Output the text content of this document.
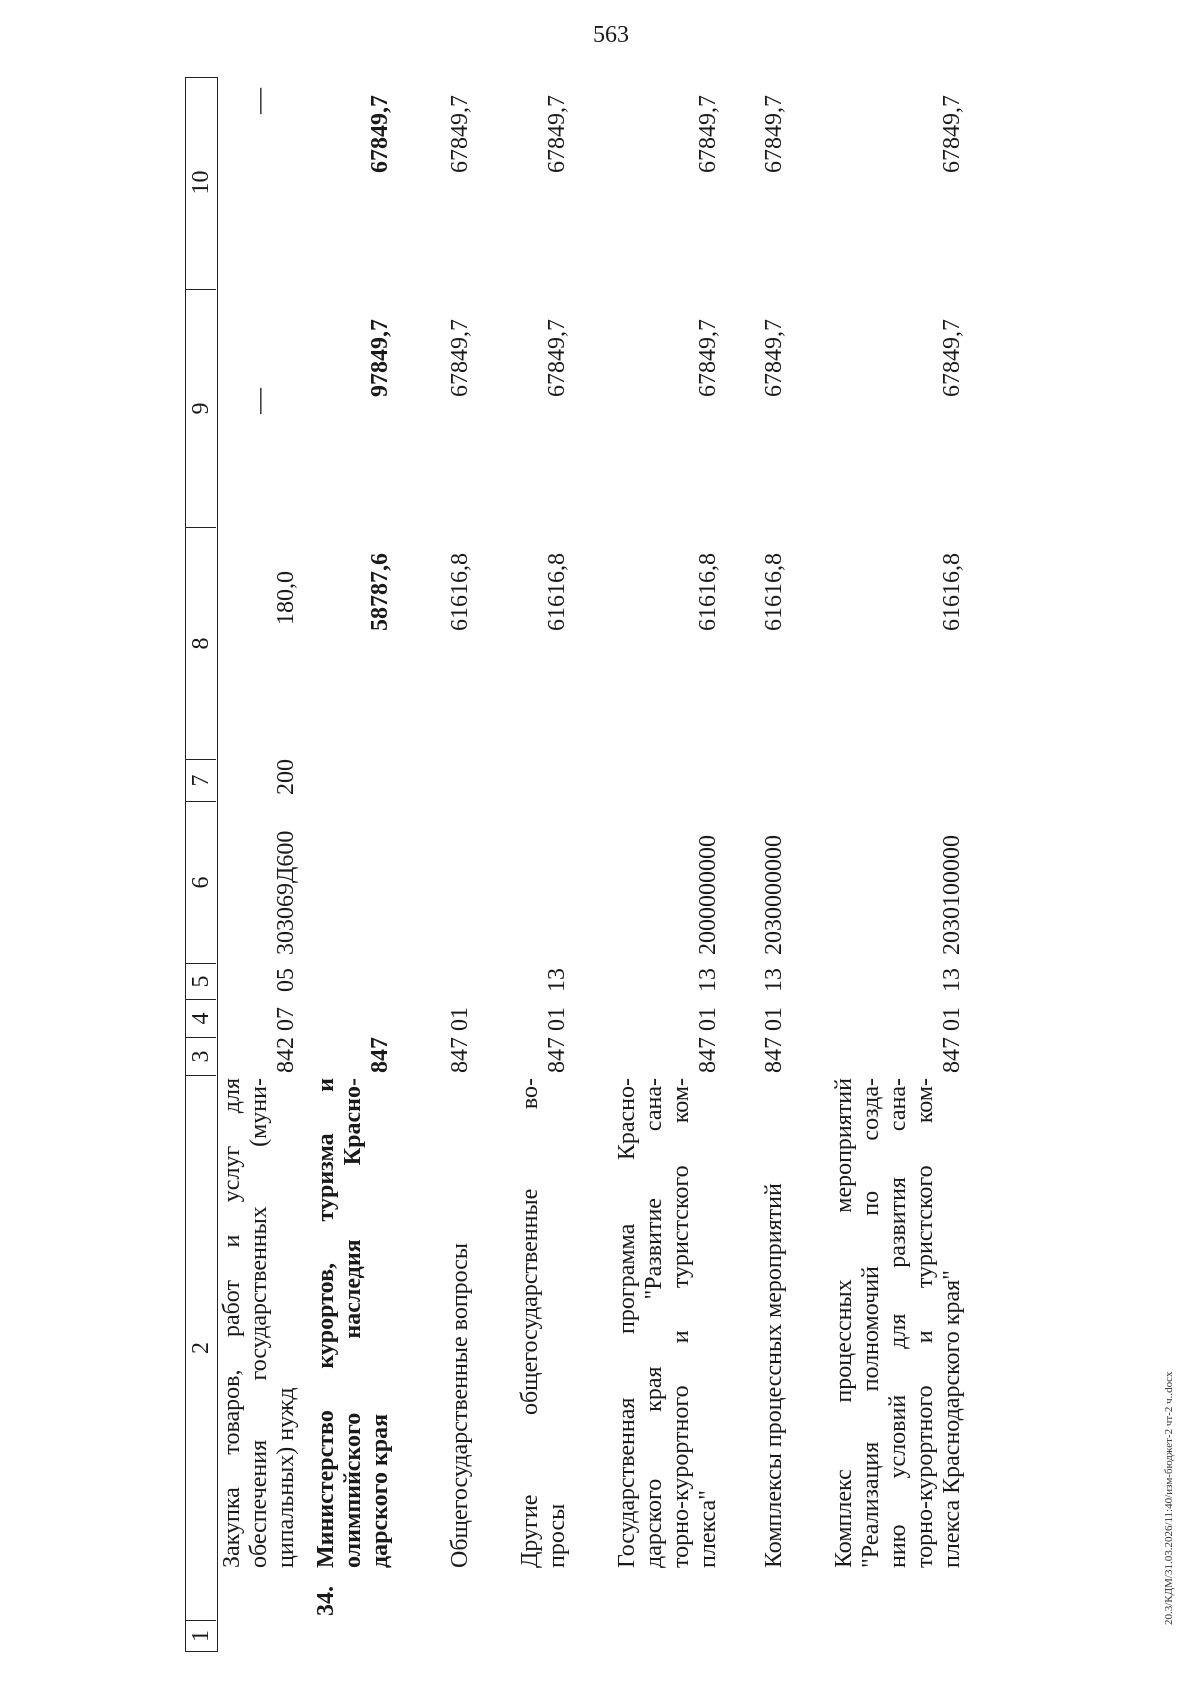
563
20.3/КДМ/31.03.2026/11:40/изм-бюджет-2 чт-2 ч..docx
1
2
3
4
5
6
7
8
9
10
Закупка товаров, работ и услуг для обеспечения государственных (муни- ципальных) нужд
842
07
05
303069Д600
200
180,0
—
—
34.
Министерство курортов, туризма и олимпийского наследия Красно- дарского края
847
58787,6
97849,7
67849,7
Общегосударственные вопросы
847
01
61616,8
67849,7
67849,7
Другие общегосударственные во- просы
847
01
13
61616,8
67849,7
67849,7
Государственная программа Красно- дарского края "Развитие сана- торно-курортного и туристского ком- плекса"
847
01
13
2000000000
61616,8
67849,7
67849,7
Комплексы процессных мероприятий
847
01
13
2030000000
61616,8
67849,7
67849,7
Комплекс процессных мероприятий "Реализация полномочий по созда- нию условий для развития сана- торно-курортного и туристского ком- плекса Краснодарского края"
847
01
13
2030100000
61616,8
67849,7
67849,7
